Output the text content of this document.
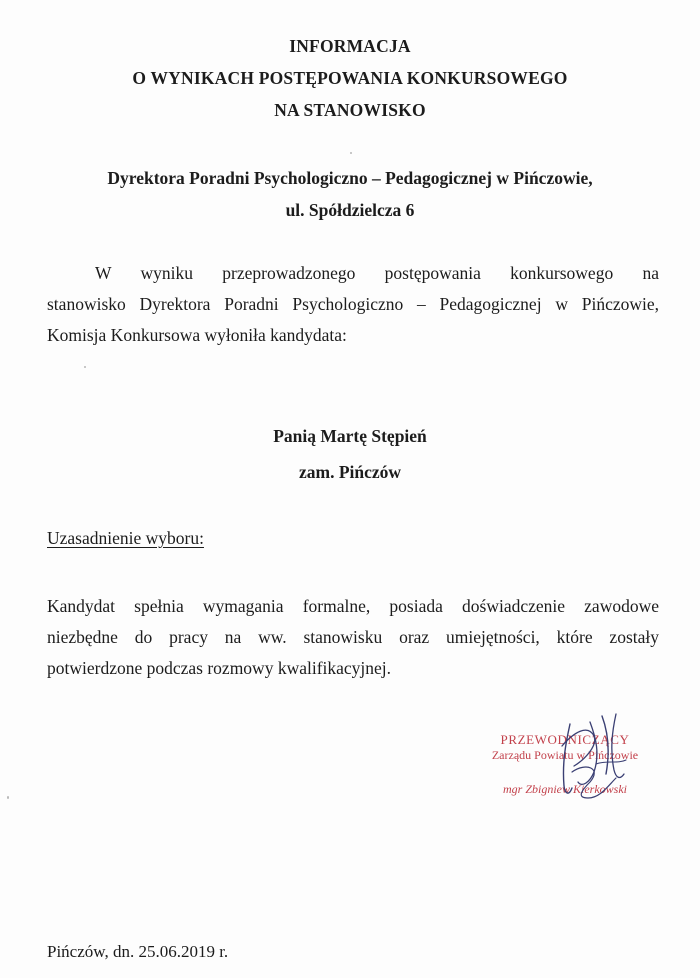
INFORMACJA
O WYNIKACH POSTĘPOWANIA KONKURSOWEGO
NA STANOWISKO
Dyrektora Poradni Psychologiczno – Pedagogicznej w Pińczowie,
ul. Spółdzielcza 6
W wyniku przeprowadzonego postępowania konkursowego na
stanowisko Dyrektora Poradni Psychologiczno – Pedagogicznej w Pińczowie,
Komisja Konkursowa wyłoniła kandydata:
Panią Martę Stępień
zam. Pińczów
Uzasadnienie wyboru:
Kandydat spełnia wymagania formalne, posiada doświadczenie zawodowe
niezbędne do pracy na ww. stanowisku oraz umiejętności, które zostały
potwierdzone podczas rozmowy kwalifikacyjnej.
PRZEWODNICZĄCY
Zarządu Powiatu w Pińczowie
mgr Zbigniew Kierkowski
Pińczów, dn. 25.06.2019 r.
